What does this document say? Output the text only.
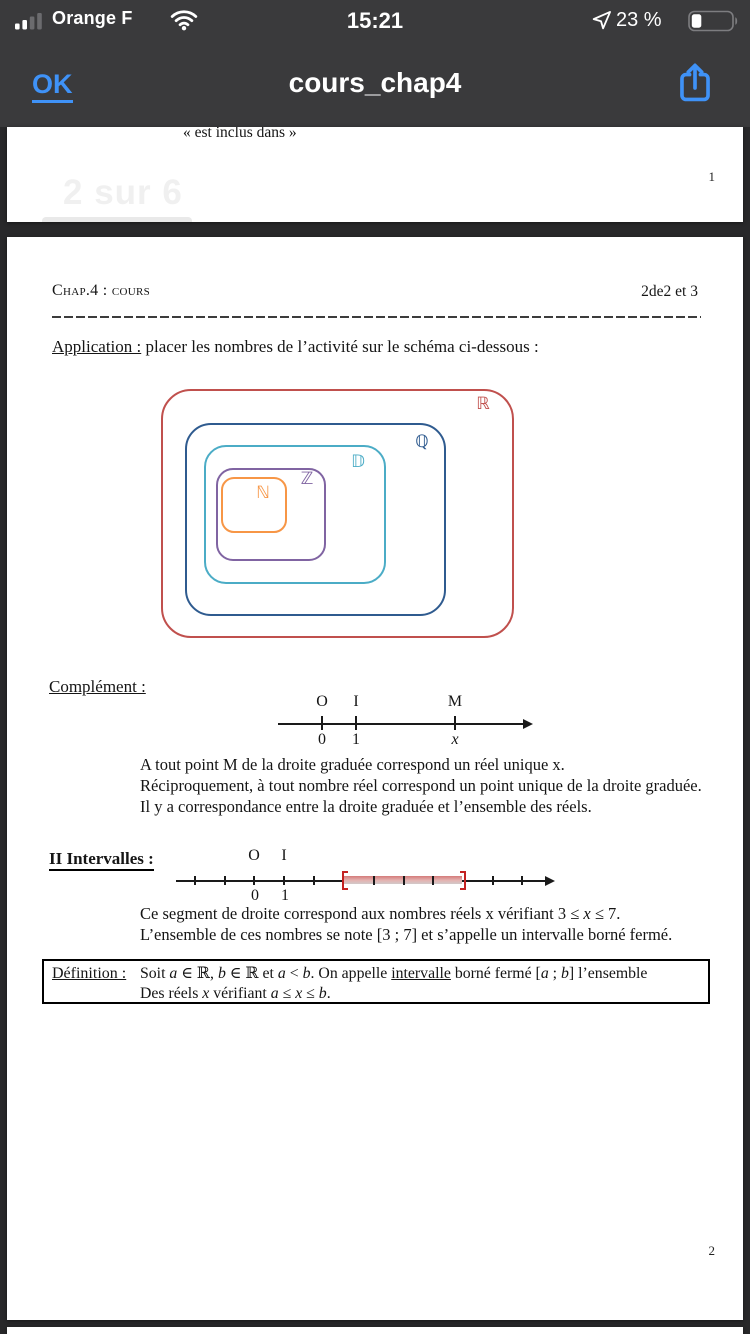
Orange F	15:21	23 %
OK	cours_chap4
« est inclus dans »
1
2 sur 6
Chap.4 : cours	2de2 et 3
Application : placer les nombres de l’activité sur le schéma ci-dessous :
ℝ
ℚ
𝔻
ℤ
ℕ
Complément :
O I	M
0 1	x
A tout point M de la droite graduée correspond un réel unique x.
Réciproquement, à tout nombre réel correspond un point unique de la droite graduée.
Il y a correspondance entre la droite graduée et l’ensemble des réels.
II Intervalles :	O I
0 1
Ce segment de droite correspond aux nombres réels x vérifiant 3 ≤ x ≤ 7.
L’ensemble de ces nombres se note [3 ; 7] et s’appelle un intervalle borné fermé.
Définition : Soit a ∈ ℝ, b ∈ ℝ et a < b. On appelle intervalle borné fermé [a ; b] l’ensemble
Des réels x vérifiant a ≤ x ≤ b.
2
